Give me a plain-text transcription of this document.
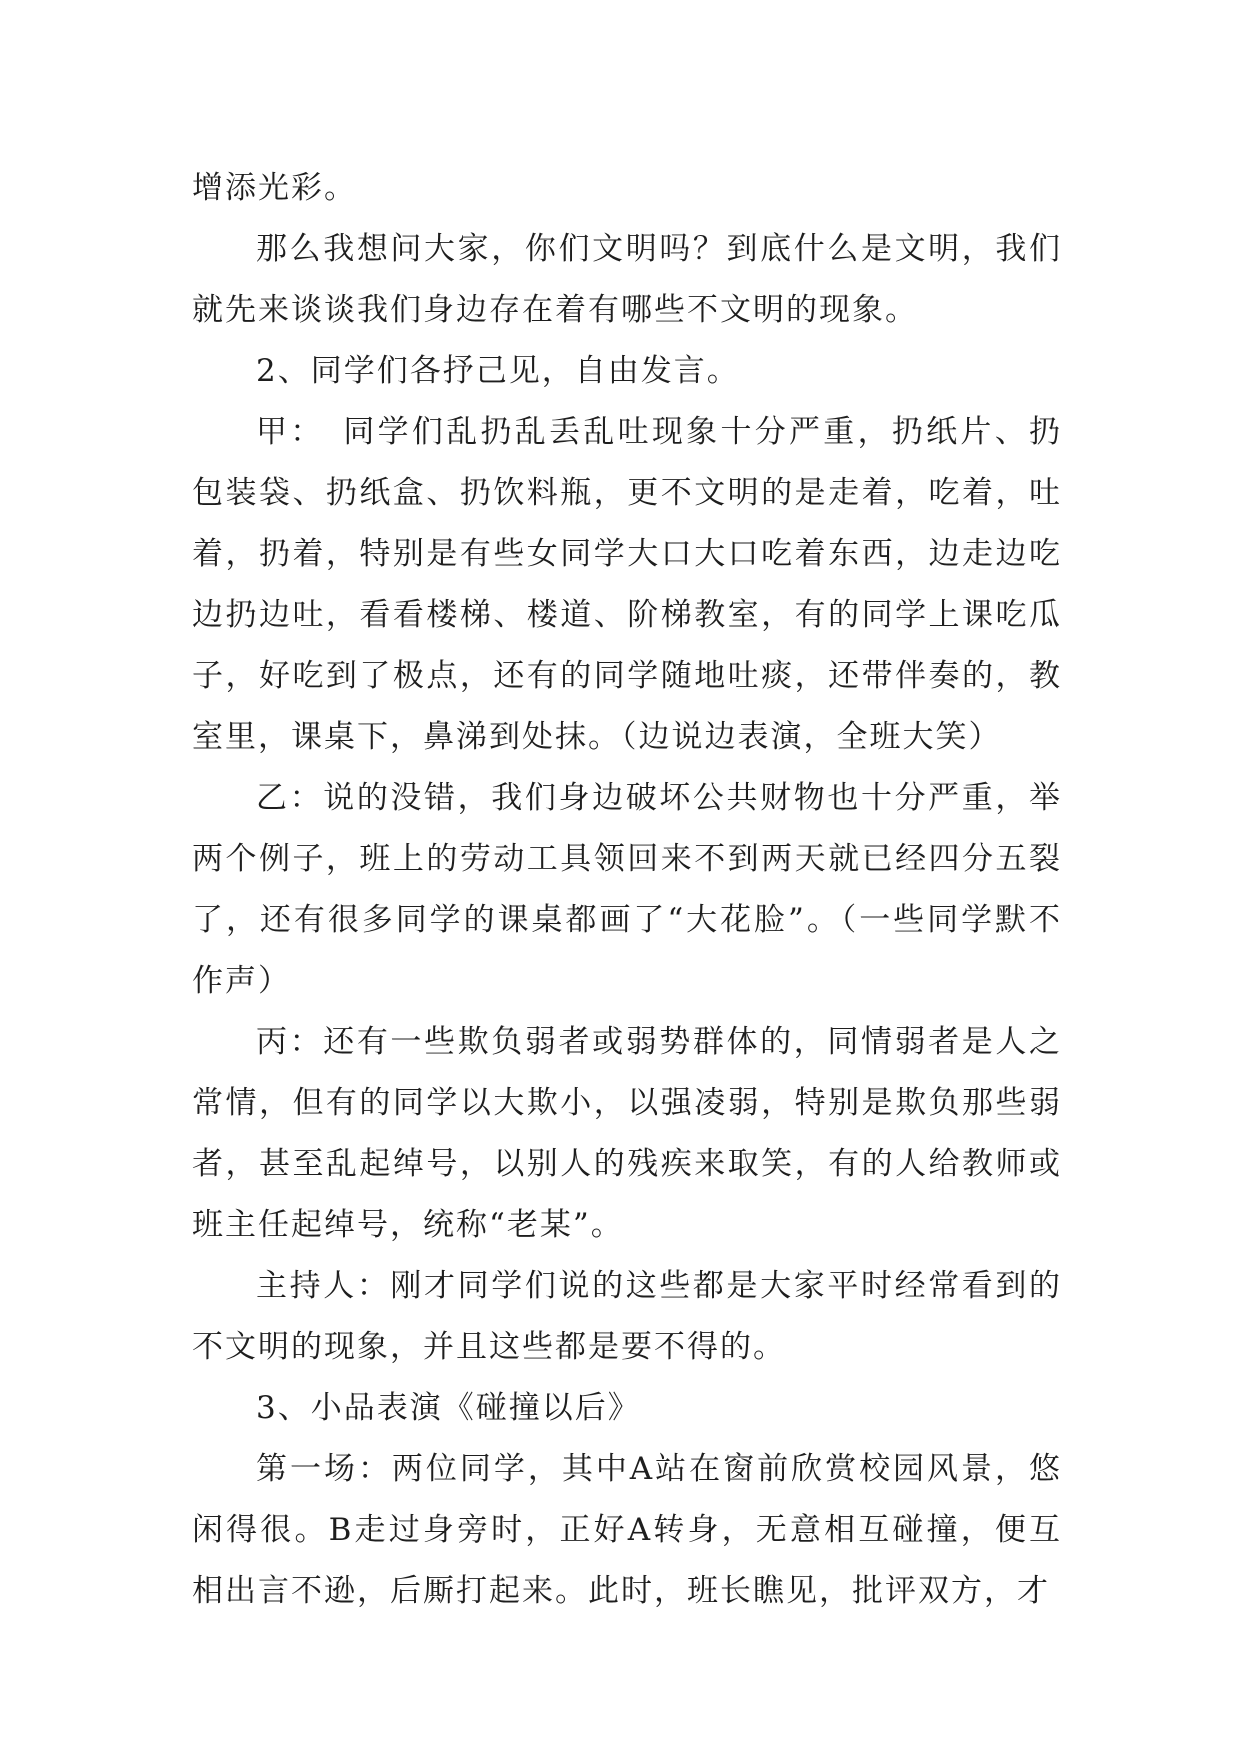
增添光彩。

那么我想问大家，你们文明吗？到底什么是文明，我们就先来谈谈我们身边存在着有哪些不文明的现象。

2、同学们各抒己见，自由发言。

甲：　同学们乱扔乱丢乱吐现象十分严重，扔纸片、扔包装袋、扔纸盒、扔饮料瓶，更不文明的是走着，吃着，吐着，扔着，特别是有些女同学大口大口吃着东西，边走边吃边扔边吐，看看楼梯、楼道、阶梯教室，有的同学上课吃瓜子，好吃到了极点，还有的同学随地吐痰，还带伴奏的，教室里，课桌下，鼻涕到处抹。（边说边表演，全班大笑）

乙：说的没错，我们身边破坏公共财物也十分严重，举两个例子，班上的劳动工具领回来不到两天就已经四分五裂了，还有很多同学的课桌都画了“大花脸”。（一些同学默不作声）

丙：还有一些欺负弱者或弱势群体的，同情弱者是人之常情，但有的同学以大欺小，以强凌弱，特别是欺负那些弱者，甚至乱起绰号，以别人的残疾来取笑，有的人给教师或班主任起绰号，统称“老某”。

主持人：刚才同学们说的这些都是大家平时经常看到的不文明的现象，并且这些都是要不得的。

3、小品表演《碰撞以后》

第一场：两位同学，其中A站在窗前欣赏校园风景，悠闲得很。B走过身旁时，正好A转身，无意相互碰撞，便互相出言不逊，后厮打起来。此时，班长瞧见，批评双方，才
